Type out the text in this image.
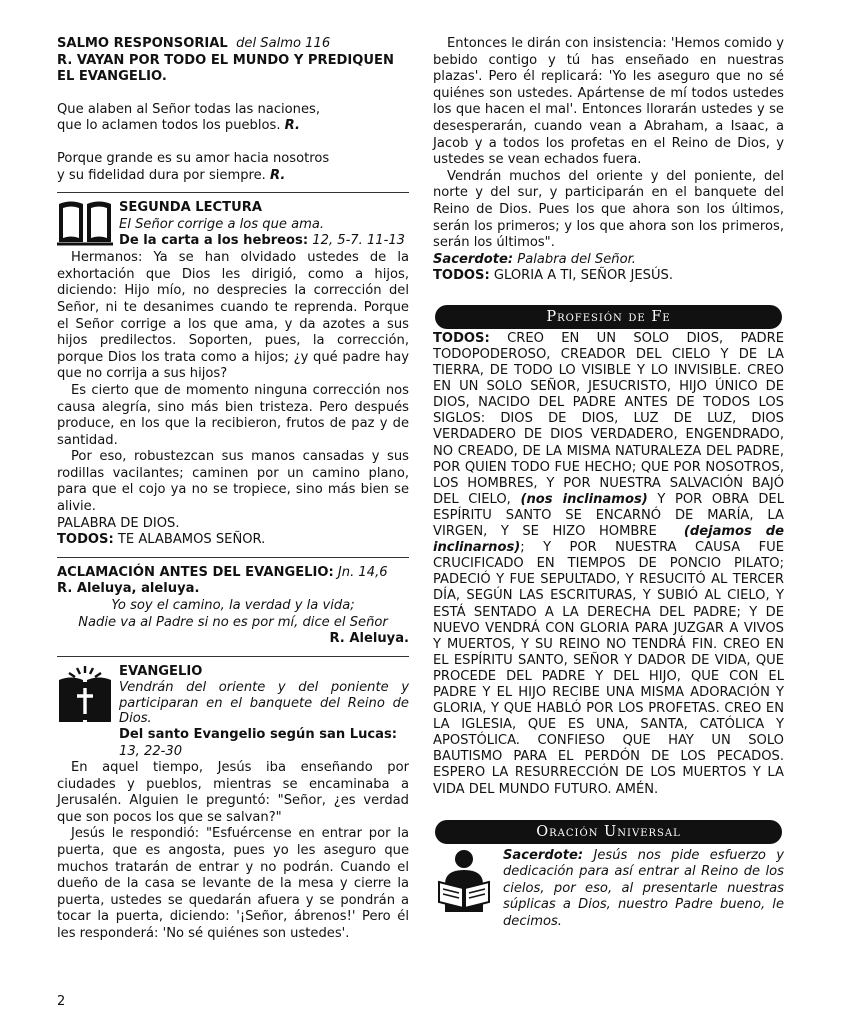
SALMO RESPONSORIAL del Salmo 116

R. VAYAN POR TODO EL MUNDO Y PREDIQUEN EL EVANGELIO.

Que alaben al Señor todas las naciones,

que lo aclamen todos los pueblos. R.

Porque grande es su amor hacia nosotros

y su fidelidad dura por siempre. R.

SEGUNDA LECTURA

El Señor corrige a los que ama.

De la carta a los hebreos: 12, 5-7. 11-13

Hermanos: Ya se han olvidado ustedes de la exhortación que Dios les dirigió, como a hijos, diciendo: Hijo mío, no desprecies la corrección del Señor, ni te desanimes cuando te reprenda. Porque el Señor corrige a los que ama, y da azotes a sus hijos predilectos. Soporten, pues, la corrección, porque Dios los trata como a hijos; ¿y qué padre hay que no corrija a sus hijos?

Es cierto que de momento ninguna corrección nos causa alegría, sino más bien tristeza. Pero después produce, en los que la recibieron, frutos de paz y de santidad.

Por eso, robustezcan sus manos cansadas y sus rodillas vacilantes; caminen por un camino plano, para que el cojo ya no se tropiece, sino más bien se alivie.

PALABRA DE DIOS.

TODOS: TE ALABAMOS SEÑOR.

ACLAMACIÓN ANTES DEL EVANGELIO: Jn. 14,6

R. Aleluya, aleluya.

Yo soy el camino, la verdad y la vida;

Nadie va al Padre si no es por mí, dice el Señor

R. Aleluya.

EVANGELIO

Vendrán del oriente y del poniente y participaran en el banquete del Reino de Dios.

Del santo Evangelio según san Lucas:

13, 22-30

En aquel tiempo, Jesús iba enseñando por ciudades y pueblos, mientras se encaminaba a Jerusalén. Alguien le preguntó: "Señor, ¿es verdad que son pocos los que se salvan?"

Jesús le respondió: "Esfuércense en entrar por la puerta, que es angosta, pues yo les aseguro que muchos tratarán de entrar y no podrán. Cuando el dueño de la casa se levante de la mesa y cierre la puerta, ustedes se quedarán afuera y se pondrán a tocar la puerta, diciendo: '¡Señor, ábrenos!' Pero él les responderá: 'No sé quiénes son ustedes'.

Entonces le dirán con insistencia: 'Hemos comido y bebido contigo y tú has enseñado en nuestras plazas'. Pero él replicará: 'Yo les aseguro que no sé quiénes son ustedes. Apártense de mí todos ustedes los que hacen el mal'. Entonces llorarán ustedes y se desesperarán, cuando vean a Abraham, a Isaac, a Jacob y a todos los profetas en el Reino de Dios, y ustedes se vean echados fuera.

Vendrán muchos del oriente y del poniente, del norte y del sur, y participarán en el banquete del Reino de Dios. Pues los que ahora son los últimos, serán los primeros; y los que ahora son los primeros, serán los últimos".

Sacerdote: Palabra del Señor.

TODOS: GLORIA A TI, SEÑOR JESÚS.

Profesión de Fe

TODOS: CREO EN UN SOLO DIOS, PADRE TODOPODEROSO, CREADOR DEL CIELO Y DE LA TIERRA, DE TODO LO VISIBLE Y LO INVISIBLE. CREO EN UN SOLO SEÑOR, JESUCRISTO, HIJO ÚNICO DE DIOS, NACIDO DEL PADRE ANTES DE TODOS LOS SIGLOS: DIOS DE DIOS, LUZ DE LUZ, DIOS VERDADERO DE DIOS VERDADERO, ENGENDRADO, NO CREADO, DE LA MISMA NATURALEZA DEL PADRE, POR QUIEN TODO FUE HECHO; QUE POR NOSOTROS, LOS HOMBRES, Y POR NUESTRA SALVACIÓN BAJÓ DEL CIELO, (nos inclinamos) Y POR OBRA DEL ESPÍRITU SANTO SE ENCARNÓ DE MARÍA, LA VIRGEN, Y SE HIZO HOMBRE (dejamos de inclinarnos); Y POR NUESTRA CAUSA FUE CRUCIFICADO EN TIEMPOS DE PONCIO PILATO; PADECIÓ Y FUE SEPULTADO, Y RESUCITÓ AL TERCER DÍA, SEGÚN LAS ESCRITURAS, Y SUBIÓ AL CIELO, Y ESTÁ SENTADO A LA DERECHA DEL PADRE; Y DE NUEVO VENDRÁ CON GLORIA PARA JUZGAR A VIVOS Y MUERTOS, Y SU REINO NO TENDRÁ FIN. CREO EN EL ESPÍRITU SANTO, SEÑOR Y DADOR DE VIDA, QUE PROCEDE DEL PADRE Y DEL HIJO, QUE CON EL PADRE Y EL HIJO RECIBE UNA MISMA ADORACIÓN Y GLORIA, Y QUE HABLÓ POR LOS PROFETAS. CREO EN LA IGLESIA, QUE ES UNA, SANTA, CATÓLICA Y APOSTÓLICA. CONFIESO QUE HAY UN SOLO BAUTISMO PARA EL PERDÓN DE LOS PECADOS. ESPERO LA RESURRECCIÓN DE LOS MUERTOS Y LA VIDA DEL MUNDO FUTURO. AMÉN.

Oración Universal

Sacerdote: Jesús nos pide esfuerzo y dedicación para así entrar al Reino de los cielos, por eso, al presentarle nuestras súplicas a Dios, nuestro Padre bueno, le decimos.

2
